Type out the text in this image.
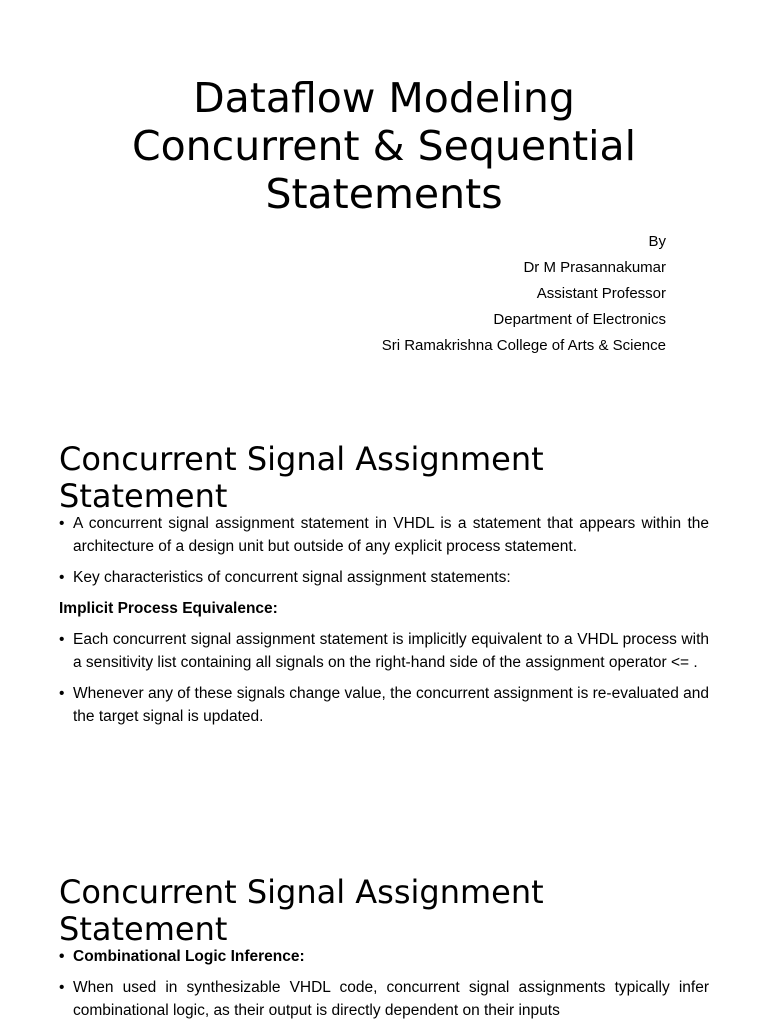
Dataflow Modeling
Concurrent & Sequential
Statements
By
Dr M Prasannakumar
Assistant Professor
Department of Electronics
Sri Ramakrishna College of Arts & Science
Concurrent Signal Assignment
Statement

• A concurrent signal assignment statement in VHDL is a statement that appears within the architecture of a design unit but outside of any explicit process statement.

• Key characteristics of concurrent signal assignment statements:

Implicit Process Equivalence:

• Each concurrent signal assignment statement is implicitly equivalent to a VHDL process with a sensitivity list containing all signals on the right-hand side of the assignment operator <= .

• Whenever any of these signals change value, the concurrent assignment is re-evaluated and the target signal is updated.

Concurrent Signal Assignment
Statement

• Combinational Logic Inference:

• When used in synthesizable VHDL code, concurrent signal assignments typically infer combinational logic, as their output is directly dependent on their inputs
